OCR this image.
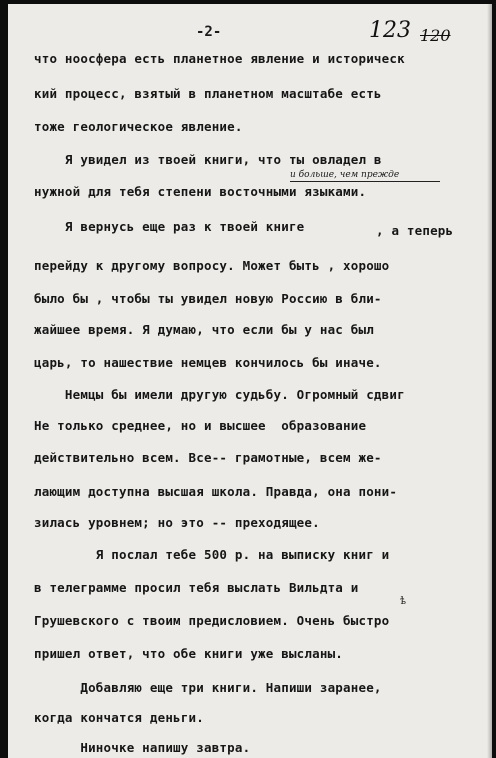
-2-	123 120
что ноосфера есть планетное явление и историческ
кий процесс, взятый в планетном масштабе есть
тоже геологическое явление.
Я увидел из твоей книги, что ты овладел в
нужной для тебя степени восточными языками.
Я вернусь еще раз к твоей книге	, а теперь
перейду к другому вопросу. Может быть , хорошо
было бы , чтобы ты увидел новую Россию в бли-
жайшее время. Я думаю, что если бы у нас был
царь, то нашествие немцев кончилось бы иначе.
Немцы бы имели другую судьбу. Огромный сдвиг
Не только среднее, но и высшее  образование
действительно всем. Все-- грамотные, всем же-
лающим доступна высшая школа. Правда, она пони-
зилась уровнем; но это -- преходящее.
Я послал тебе 500 р. на выписку книг и
в телеграмме просил тебя выслать Вильдта и
Грушевского с твоим предисловием. Очень быстро
пришел ответ, что обе книги уже высланы.
Добавляю еще три книги. Напиши заранее,
когда кончатся деньги.
Ниночке напишу завтра.
и больше, чем прежде
ѣ
